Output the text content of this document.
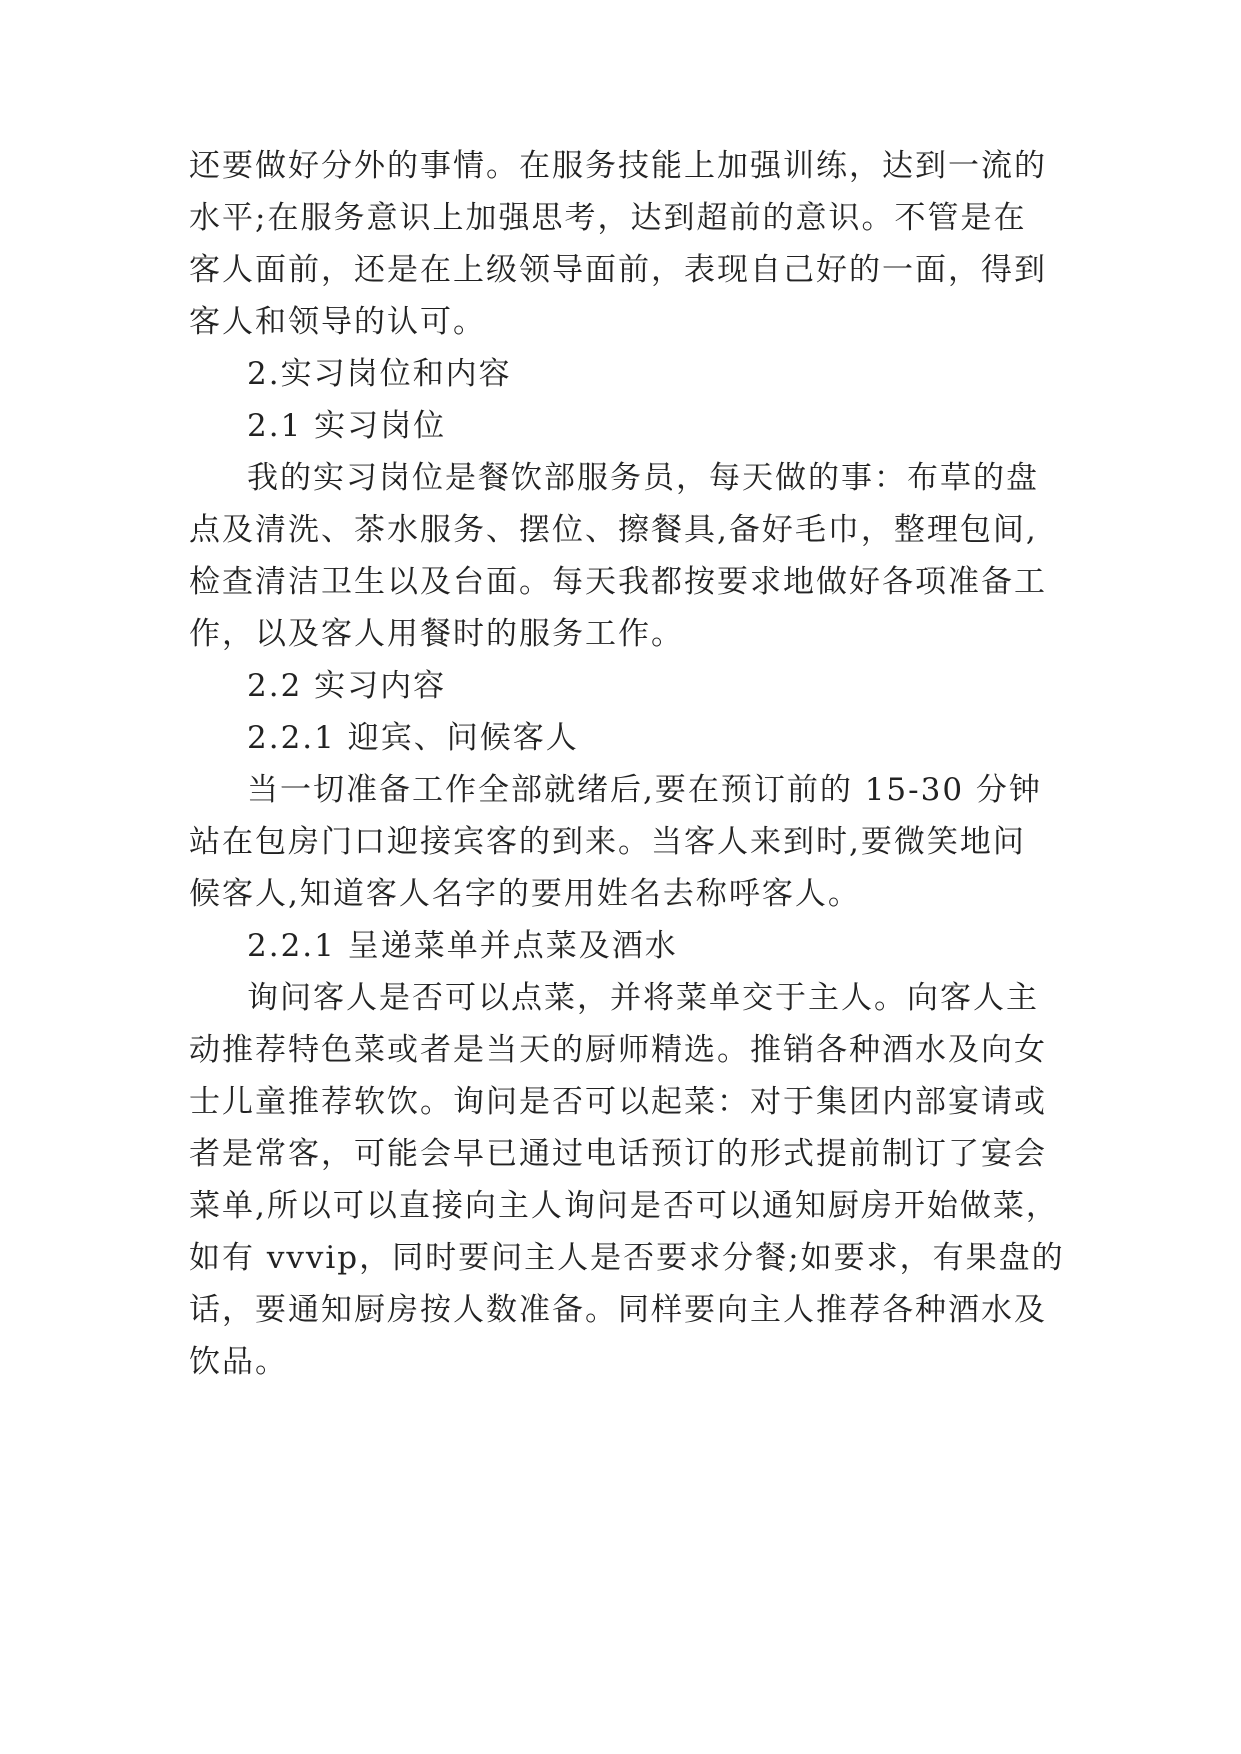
还要做好分外的事情。在服务技能上加强训练，达到一流的
水平;在服务意识上加强思考，达到超前的意识。不管是在
客人面前，还是在上级领导面前，表现自己好的一面，得到
客人和领导的认可。
2.实习岗位和内容
2.1 实习岗位
我的实习岗位是餐饮部服务员，每天做的事：布草的盘
点及清洗、茶水服务、摆位、擦餐具,备好毛巾，整理包间,
检查清洁卫生以及台面。每天我都按要求地做好各项准备工
作，以及客人用餐时的服务工作。
2.2 实习内容
2.2.1 迎宾、问候客人
当一切准备工作全部就绪后,要在预订前的 15-30 分钟
站在包房门口迎接宾客的到来。当客人来到时,要微笑地问
候客人,知道客人名字的要用姓名去称呼客人。
2.2.1 呈递菜单并点菜及酒水
询问客人是否可以点菜，并将菜单交于主人。向客人主
动推荐特色菜或者是当天的厨师精选。推销各种酒水及向女
士儿童推荐软饮。询问是否可以起菜：对于集团内部宴请或
者是常客，可能会早已通过电话预订的形式提前制订了宴会
菜单,所以可以直接向主人询问是否可以通知厨房开始做菜，
如有 vvvip，同时要问主人是否要求分餐;如要求，有果盘的
话，要通知厨房按人数准备。同样要向主人推荐各种酒水及
饮品。
